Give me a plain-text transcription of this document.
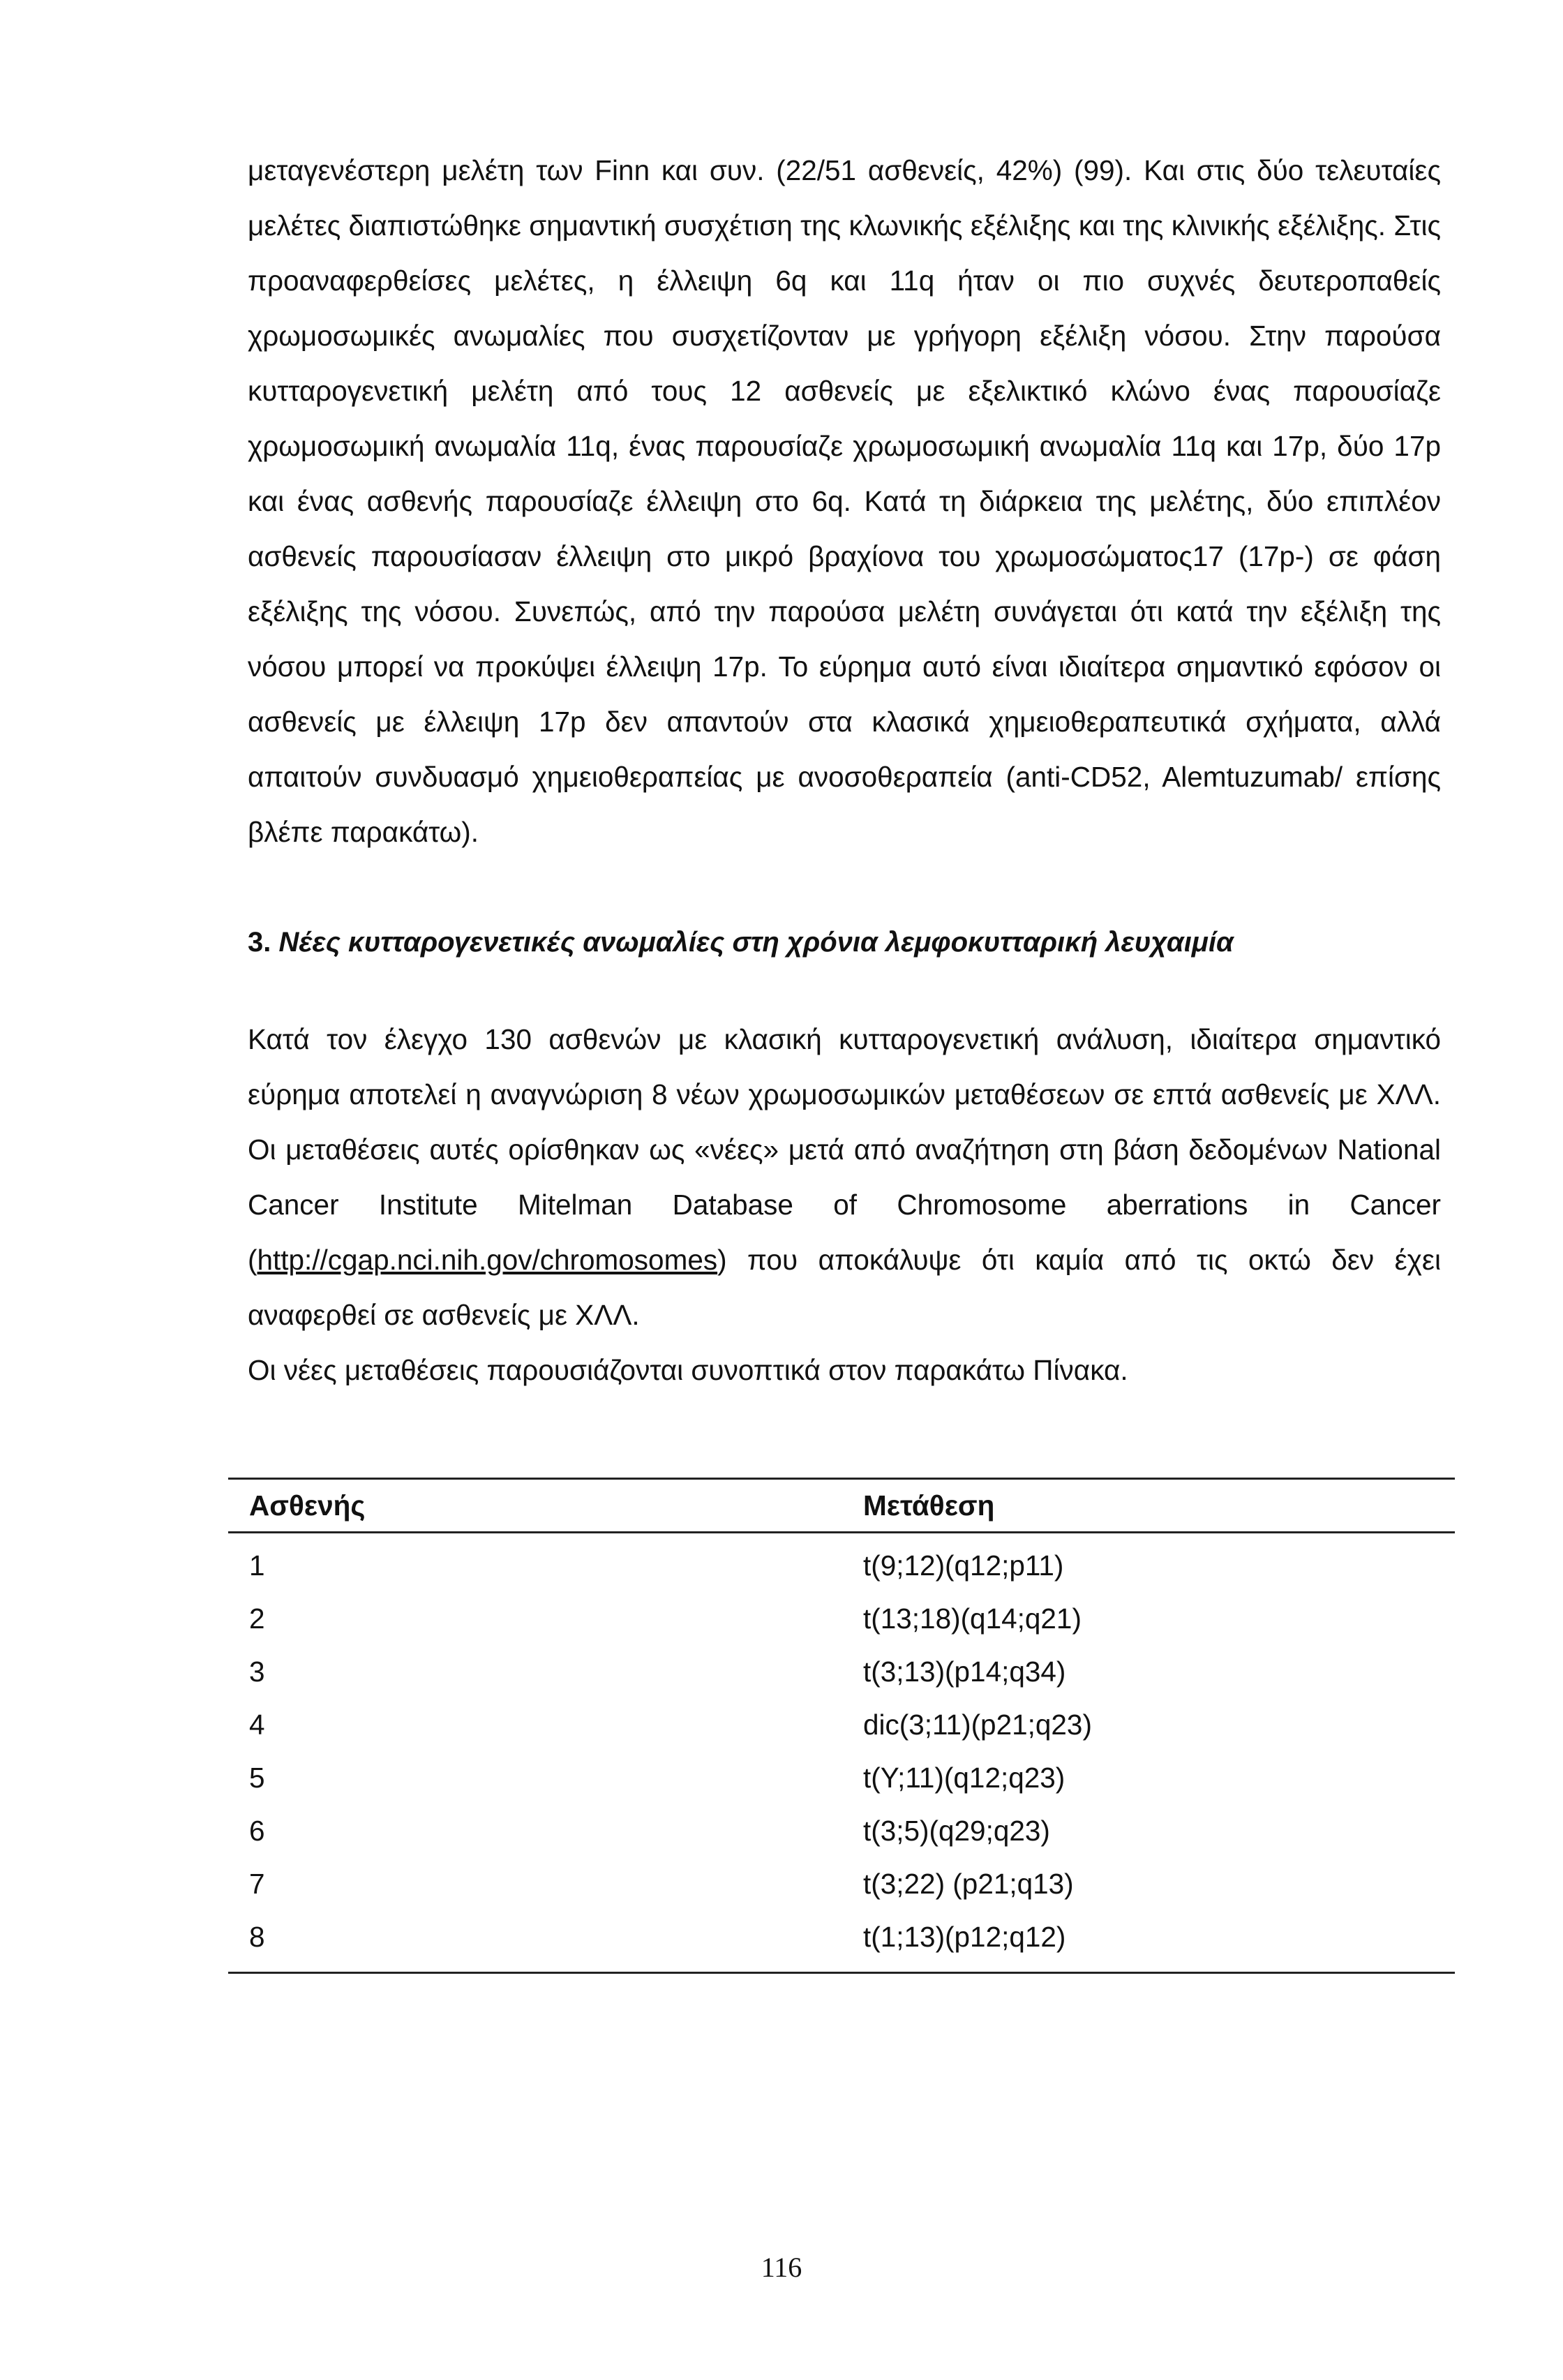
μεταγενέστερη μελέτη των Finn και συν. (22/51 ασθενείς, 42%) (99). Και στις δύο τελευταίες μελέτες διαπιστώθηκε σημαντική συσχέτιση της κλωνικής εξέλιξης και της κλινικής εξέλιξης. Στις προαναφερθείσες μελέτες, η έλλειψη 6q και 11q ήταν οι πιο συχνές δευτεροπαθείς χρωμοσωμικές ανωμαλίες που συσχετίζονταν με γρήγορη εξέλιξη νόσου. Στην παρούσα κυτταρογενετική μελέτη από τους 12 ασθενείς με εξελικτικό κλώνο ένας παρουσίαζε χρωμοσωμική ανωμαλία 11q, ένας παρουσίαζε χρωμοσωμική ανωμαλία 11q και 17p, δύο 17p και ένας ασθενής παρουσίαζε έλλειψη στο 6q. Κατά τη διάρκεια της μελέτης, δύο επιπλέον ασθενείς παρουσίασαν έλλειψη στο μικρό βραχίονα του χρωμοσώματος17 (17p-) σε φάση εξέλιξης της νόσου. Συνεπώς, από την παρούσα μελέτη συνάγεται ότι κατά την εξέλιξη της νόσου μπορεί να προκύψει έλλειψη 17p. Το εύρημα αυτό είναι ιδιαίτερα σημαντικό εφόσον οι ασθενείς με έλλειψη 17p δεν απαντούν στα κλασικά χημειοθεραπευτικά σχήματα, αλλά απαιτούν συνδυασμό χημειοθεραπείας με ανοσοθεραπεία (anti-CD52, Alemtuzumab/ επίσης βλέπε παρακάτω).

3. Νέες κυτταρογενετικές ανωμαλίες στη χρόνια λεμφοκυτταρική λευχαιμία

Κατά τον έλεγχο 130 ασθενών με κλασική κυτταρογενετική ανάλυση, ιδιαίτερα σημαντικό εύρημα αποτελεί η αναγνώριση 8 νέων χρωμοσωμικών μεταθέσεων σε επτά ασθενείς με ΧΛΛ. Οι μεταθέσεις αυτές ορίσθηκαν ως «νέες» μετά από αναζήτηση στη βάση δεδομένων National Cancer Institute Mitelman Database of Chromosome aberrations in Cancer (http://cgap.nci.nih.gov/chromosomes) που αποκάλυψε ότι καμία από τις οκτώ δεν έχει αναφερθεί σε ασθενείς με ΧΛΛ.

Οι νέες μεταθέσεις παρουσιάζονται συνοπτικά στον παρακάτω Πίνακα.

Ασθενής	Μετάθεση
1	t(9;12)(q12;p11)
2	t(13;18)(q14;q21)
3	t(3;13)(p14;q34)
4	dic(3;11)(p21;q23)
5	t(Y;11)(q12;q23)
6	t(3;5)(q29;q23)
7	t(3;22) (p21;q13)
8	t(1;13)(p12;q12)
116
